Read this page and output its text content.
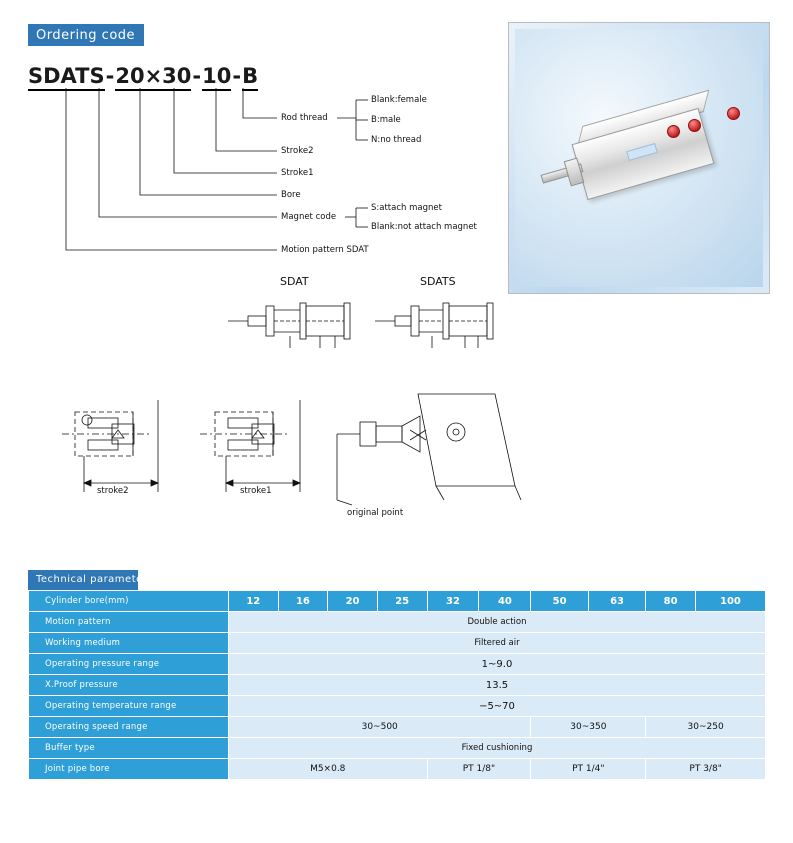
Ordering code
SDATS-20×30-10-B
Rod thread
Blank:female
B:male
N:no thread
Stroke2
Stroke1
Bore
Magnet code
S:attach magnet
Blank:not attach magnet
Motion pattern SDAT
SDAT	SDATS
stroke2	stroke1
original point
Technical parameters
Cylinder bore(mm)	12	16	20	25	32	40	50	63	80	100
Motion pattern	Double action									
Working medium	Filtered air									
Operating pressure range	1~9.0									
X.Proof pressure	13.5									
Operating temperature range	−5~70									
Operating speed range	30~500						30~350		30~250	
Buffer type	Fixed cushioning									
Joint pipe bore	M5×0.8				PT 1/8"		PT 1/4"		PT 3/8"	
